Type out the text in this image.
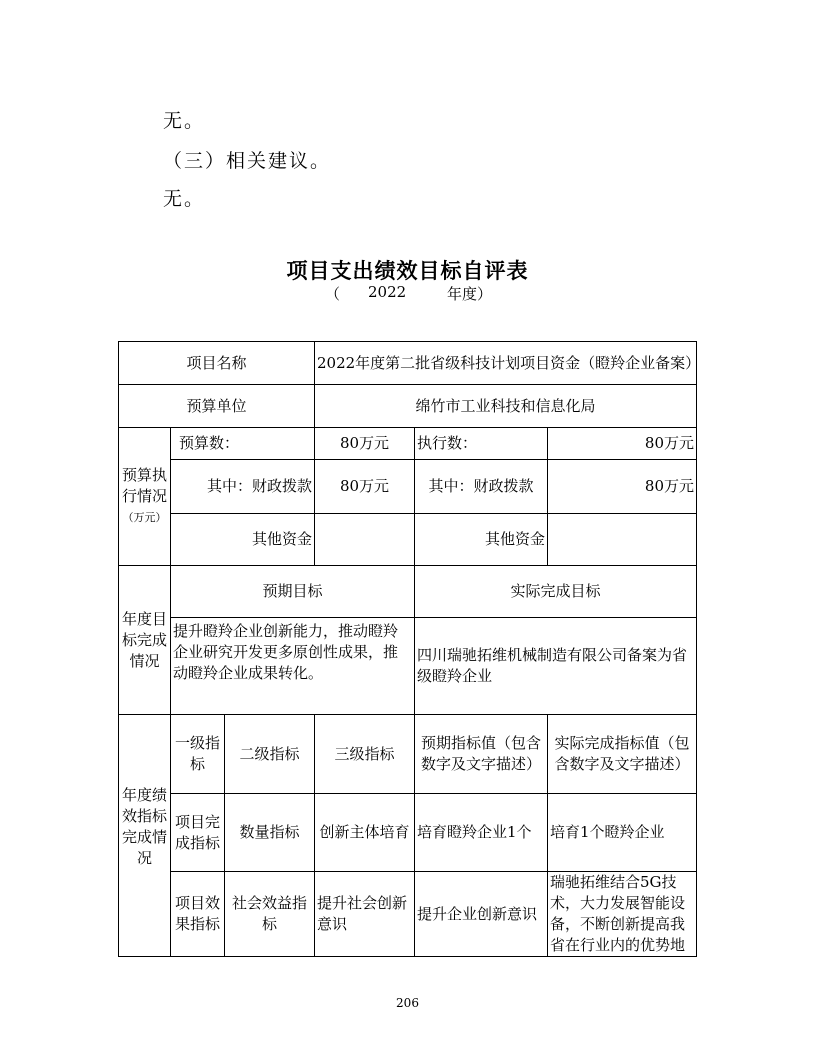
无。
（三）相关建议。
无。
项目支出绩效目标自评表
（ 2022	年度）
项目名称			2022年度第二批省级科技计划项目资金（瞪羚企业备案）		
预算单位			绵竹市工业科技和信息化局		
预算执行情况
（万元）	预算数：		80万元	执行数：	80万元
	其中：财政拨款		80万元	其中：财政拨款	80万元
	其他资金			其他资金	
年度目标完成情况	预期目标			实际完成目标	
	提升瞪羚企业创新能力，推动瞪羚企业研究开发更多原创性成果，推动瞪羚企业成果转化。			四川瑞驰拓维机械制造有限公司备案为省级瞪羚企业	
年度绩效指标完成情况	一级指标	二级指标	三级指标	预期指标值（包含数字及文字描述）	实际完成指标值（包含数字及文字描述）
	项目完成指标	数量指标	创新主体培育	培育瞪羚企业1个	培育1个瞪羚企业
	项目效果指标	社会效益指标	提升社会创新意识	提升企业创新意识	瑞驰拓维结合5G技术，大力发展智能设备，不断创新提高我省在行业内的优势地
206
